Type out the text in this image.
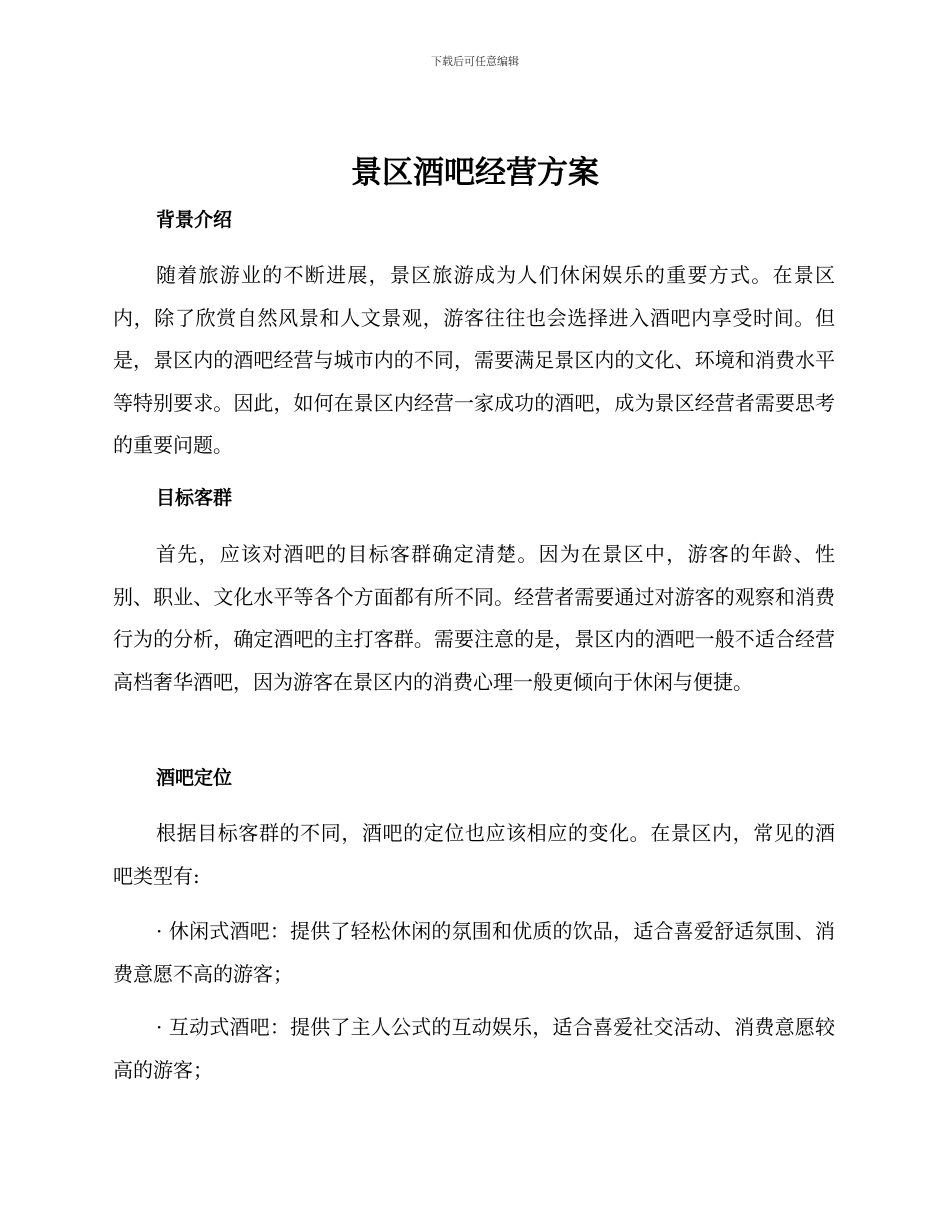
下载后可任意编辑
景区酒吧经营方案
背景介绍

随着旅游业的不断进展，景区旅游成为人们休闲娱乐的重要方式。在景区内，除了欣赏自然风景和人文景观，游客往往也会选择进入酒吧内享受时间。但是，景区内的酒吧经营与城市内的不同，需要满足景区内的文化、环境和消费水平等特别要求。因此，如何在景区内经营一家成功的酒吧，成为景区经营者需要思考的重要问题。

目标客群

首先，应该对酒吧的目标客群确定清楚。因为在景区中，游客的年龄、性别、职业、文化水平等各个方面都有所不同。经营者需要通过对游客的观察和消费行为的分析，确定酒吧的主打客群。需要注意的是，景区内的酒吧一般不适合经营高档奢华酒吧，因为游客在景区内的消费心理一般更倾向于休闲与便捷。

酒吧定位

根据目标客群的不同，酒吧的定位也应该相应的变化。在景区内，常见的酒吧类型有:

· 休闲式酒吧：提供了轻松休闲的氛围和优质的饮品，适合喜爱舒适氛围、消费意愿不高的游客；

· 互动式酒吧：提供了主人公式的互动娱乐，适合喜爱社交活动、消费意愿较高的游客；
